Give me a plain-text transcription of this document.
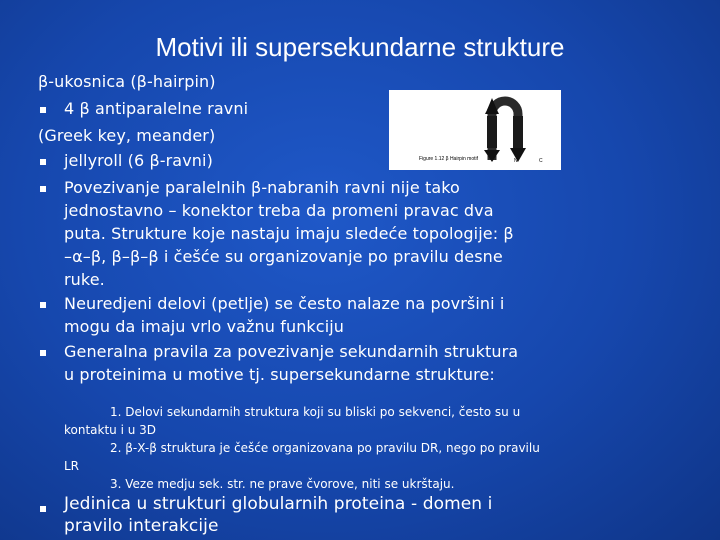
Motivi ili supersekundarne strukture
β-ukosnica (β-hairpin)
4 β antiparalelne ravni
(Greek key, meander)
jellyroll (6 β-ravni)
Povezivanje paralelnih β-nabranih ravni nije tako
jednostavno – konektor treba da promeni pravac dva
puta. Strukture koje nastaju imaju sledeće topologije: β
–α–β, β–β–β i češće su organizovanje po pravilu desne
ruke.
Neuredjeni delovi (petlje) se često nalaze na površini i
mogu da imaju vrlo važnu funkciju
Generalna pravila za povezivanje sekundarnih struktura
u proteinima u motive tj. supersekundarne strukture:
1. Delovi sekundarnih struktura koji su bliski po sekvenci, često su u
kontaktu i u 3D
2. β-X-β struktura je češće organizovana po pravilu DR, nego po pravilu
LR
3. Veze medju sek. str. ne prave čvorove, niti se ukrštaju.
Jedinica u strukturi globularnih proteina - domen i
pravilo interakcije
Figure 1.12 β Hairpin motif	N	C
